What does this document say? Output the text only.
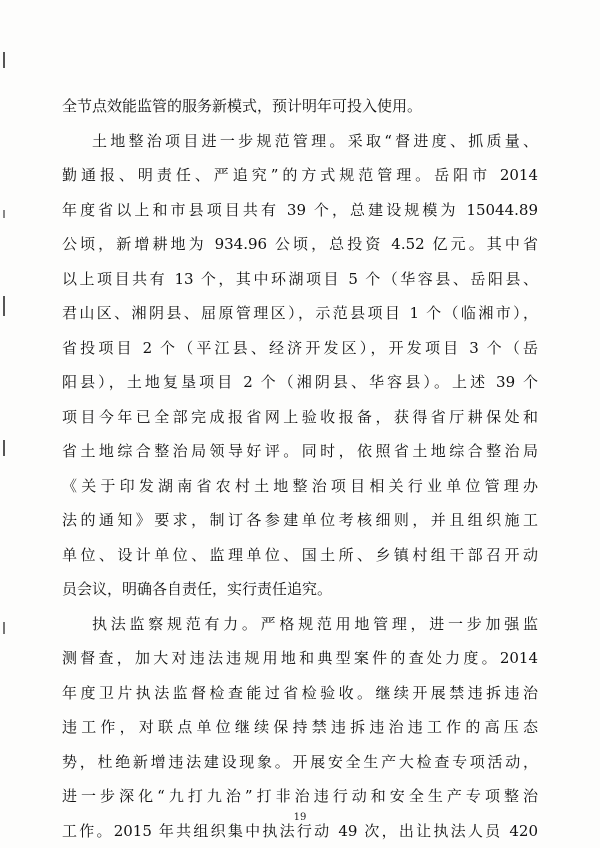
全节点效能监管的服务新模式，预计明年可投入使用。
土地整治项目进一步规范管理。采取“督进度、抓质量、
勤通报、明责任、严追究”的方式规范管理。岳阳市 2014
年度省以上和市县项目共有 39 个，总建设规模为 15044.89
公顷，新增耕地为 934.96 公顷，总投资 4.52 亿元。其中省
以上项目共有 13 个，其中环湖项目 5 个（华容县、岳阳县、
君山区、湘阴县、屈原管理区），示范县项目 1 个（临湘市），
省投项目 2 个（平江县、经济开发区），开发项目 3 个（岳
阳县），土地复垦项目 2 个（湘阴县、华容县）。上述 39 个
项目今年已全部完成报省网上验收报备，获得省厅耕保处和
省土地综合整治局领导好评。同时，依照省土地综合整治局
《关于印发湖南省农村土地整治项目相关行业单位管理办
法的通知》要求，制订各参建单位考核细则，并且组织施工
单位、设计单位、监理单位、国土所、乡镇村组干部召开动
员会议，明确各自责任，实行责任追究。
执法监察规范有力。严格规范用地管理，进一步加强监
测督查，加大对违法违规用地和典型案件的查处力度。2014
年度卫片执法监督检查能过省检验收。继续开展禁违拆违治
违工作，对联点单位继续保持禁违拆违治违工作的高压态
势，杜绝新增违法建设现象。开展安全生产大检查专项活动，
进一步深化“九打九治”打非治违行动和安全生产专项整治
工作。2015 年共组织集中执法行动 49 次，出让执法人员 420
19
